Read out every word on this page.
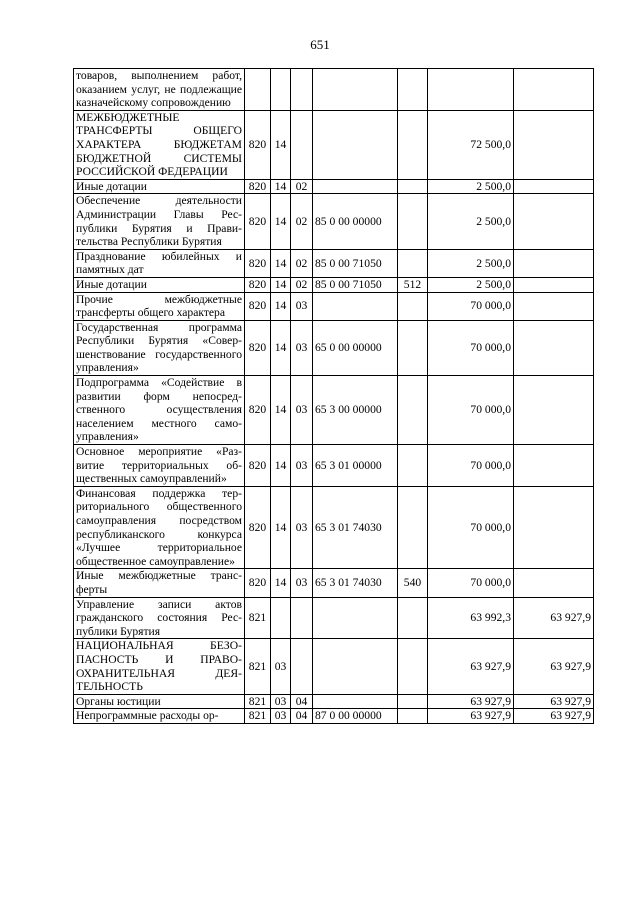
651
товаров, выполнением работ, оказанием услуг, не подлежащие казначейскому сопровождению							
МЕЖБЮДЖЕТНЫЕ ТРАНСФЕРТЫ ОБЩЕГО ХАРАКТЕРА БЮДЖЕТАМ БЮДЖЕТНОЙ СИСТЕМЫ РОССИЙСКОЙ ФЕДЕРАЦИИ	820	14				72 500,0	
Иные дотации	820	14	02			2 500,0	
Обеспечение деятельности Администрации Главы Республики Бурятия и Правительства Республики Бурятия	820	14	02	85 0 00 00000		2 500,0	
Празднование юбилейных и памятных дат	820	14	02	85 0 00 71050		2 500,0	
Иные дотации	820	14	02	85 0 00 71050	512	2 500,0	
Прочие межбюджетные трансферты общего характера	820	14	03			70 000,0	
Государственная программа Республики Бурятия «Совершенствование государственного управления»	820	14	03	65 0 00 00000		70 000,0	
Подпрограмма «Содействие в развитии форм непосредственного осуществления населением местного самоуправления»	820	14	03	65 3 00 00000		70 000,0	
Основное мероприятие «Развитие территориальных общественных самоуправлений»	820	14	03	65 3 01 00000		70 000,0	
Финансовая поддержка территориального общественного самоуправления посредством республиканского конкурса «Лучшее территориальное общественное самоуправление»	820	14	03	65 3 01 74030		70 000,0	
Иные межбюджетные трансферты	820	14	03	65 3 01 74030	540	70 000,0	
Управление записи актов гражданского состояния Республики Бурятия	821					63 992,3	63 927,9
НАЦИОНАЛЬНАЯ БЕЗОПАСНОСТЬ И ПРАВООХРАНИТЕЛЬНАЯ ДЕЯТЕЛЬНОСТЬ	821	03				63 927,9	63 927,9
Органы юстиции	821	03	04			63 927,9	63 927,9
Непрограммные расходы ор-	821	03	04	87 0 00 00000		63 927,9	63 927,9
